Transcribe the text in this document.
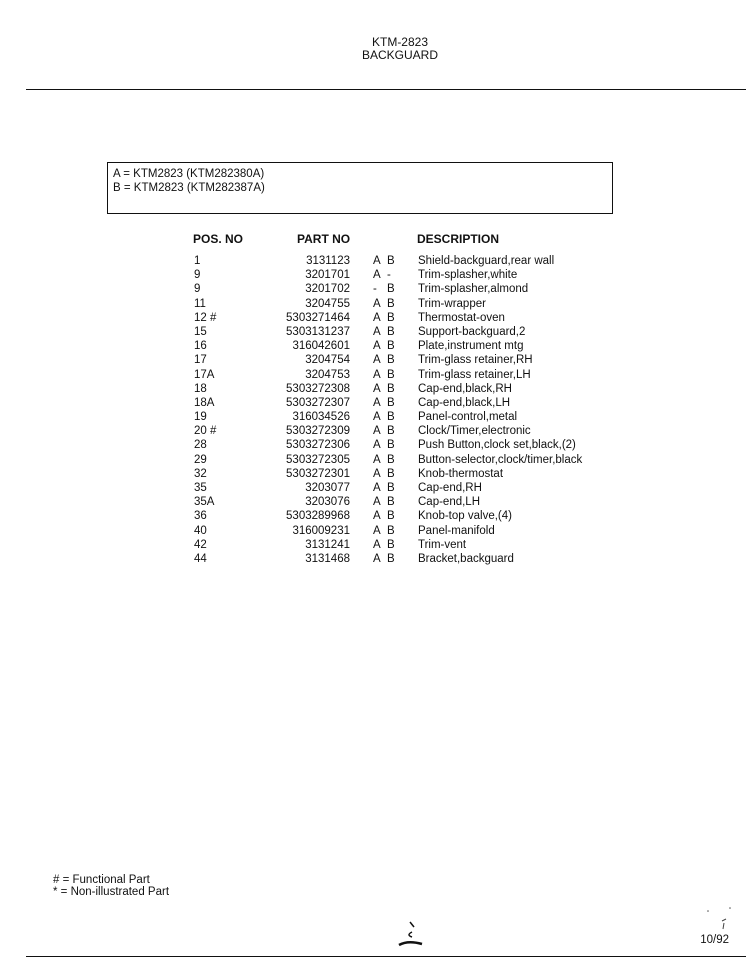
KTM-2823
BACKGUARD
A = KTM2823 (KTM282380A)
B = KTM2823 (KTM282387A)
POS. NO	PART NO	DESCRIPTION
1	3131123 A B Shield-backguard,rear wall
9	3201701 A - Trim-splasher,white
9	3201702 - B Trim-splasher,almond
11	3204755 A B Trim-wrapper
12 #	5303271464 A B Thermostat-oven
15	5303131237 A B Support-backguard,2
16	316042601 A B Plate,instrument mtg
17	3204754 A B Trim-glass retainer,RH
17A	3204753 A B Trim-glass retainer,LH
18	5303272308 A B Cap-end,black,RH
18A	5303272307 A B Cap-end,black,LH
19	316034526 A B Panel-control,metal
20 #	5303272309 A B Clock/Timer,electronic
28	5303272306 A B Push Button,clock set,black,(2)
29	5303272305 A B Button-selector,clock/timer,black
32	5303272301 A B Knob-thermostat
35	3203077 A B Cap-end,RH
35A	3203076 A B Cap-end,LH
36	5303289968 A B Knob-top valve,(4)
40	316009231 A B Panel-manifold
42	3131241 A B Trim-vent
44	3131468 A B Bracket,backguard
# = Functional Part
* = Non-illustrated Part
10/92
